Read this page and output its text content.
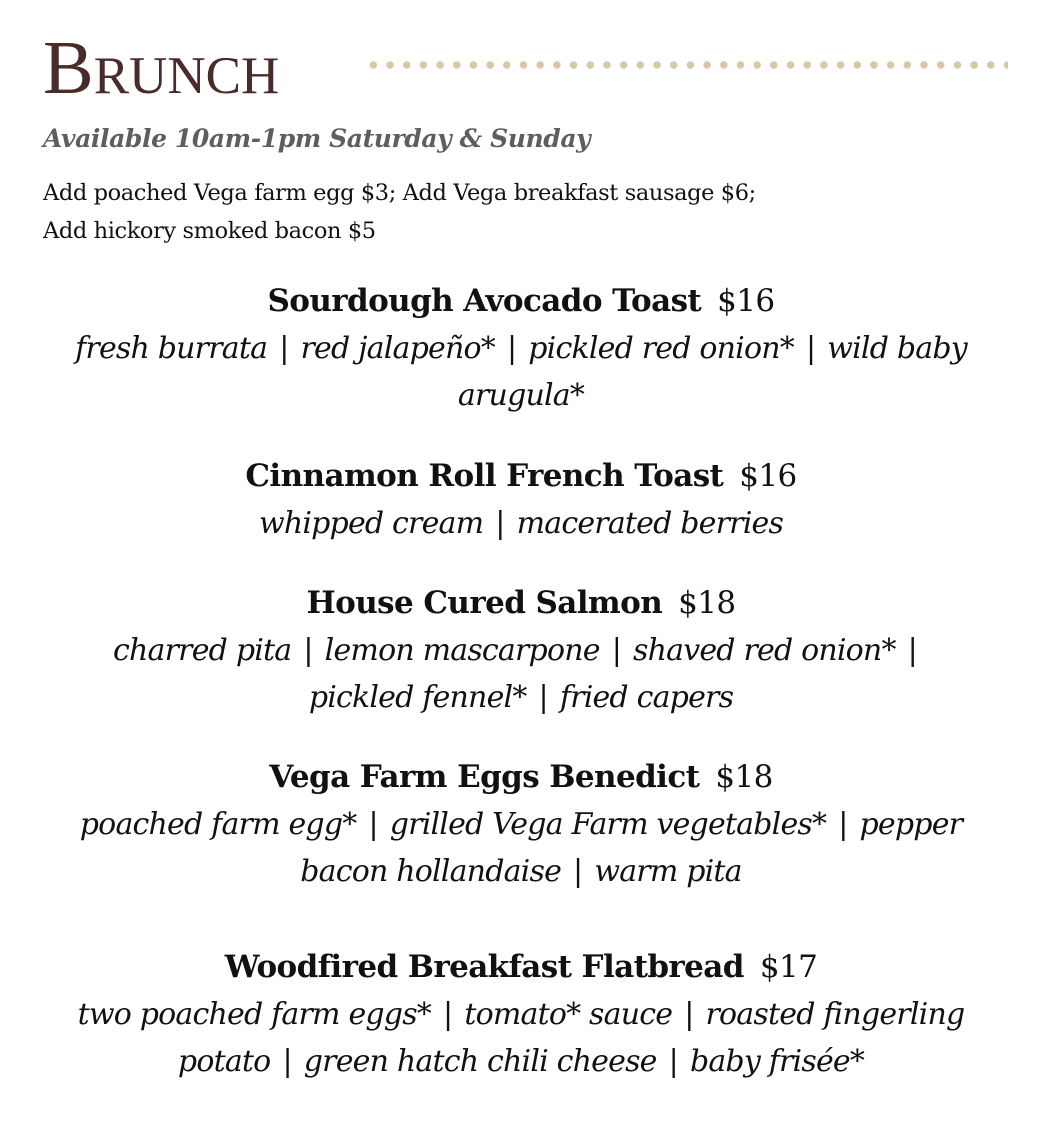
Brunch

Available 10am-1pm Saturday & Sunday

Add poached Vega farm egg $3; Add Vega breakfast sausage $6;
Add hickory smoked bacon $5

Sourdough Avocado Toast $16

fresh burrata | red jalapeño* | pickled red onion* | wild baby
arugula*

Cinnamon Roll French Toast $16

whipped cream | macerated berries

House Cured Salmon $18

charred pita | lemon mascarpone | shaved red onion* |
pickled fennel* | fried capers

Vega Farm Eggs Benedict $18

poached farm egg* | grilled Vega Farm vegetables* | pepper
bacon hollandaise | warm pita

Woodfired Breakfast Flatbread $17

two poached farm eggs* | tomato* sauce | roasted fingerling
potato | green hatch chili cheese | baby frisée*
